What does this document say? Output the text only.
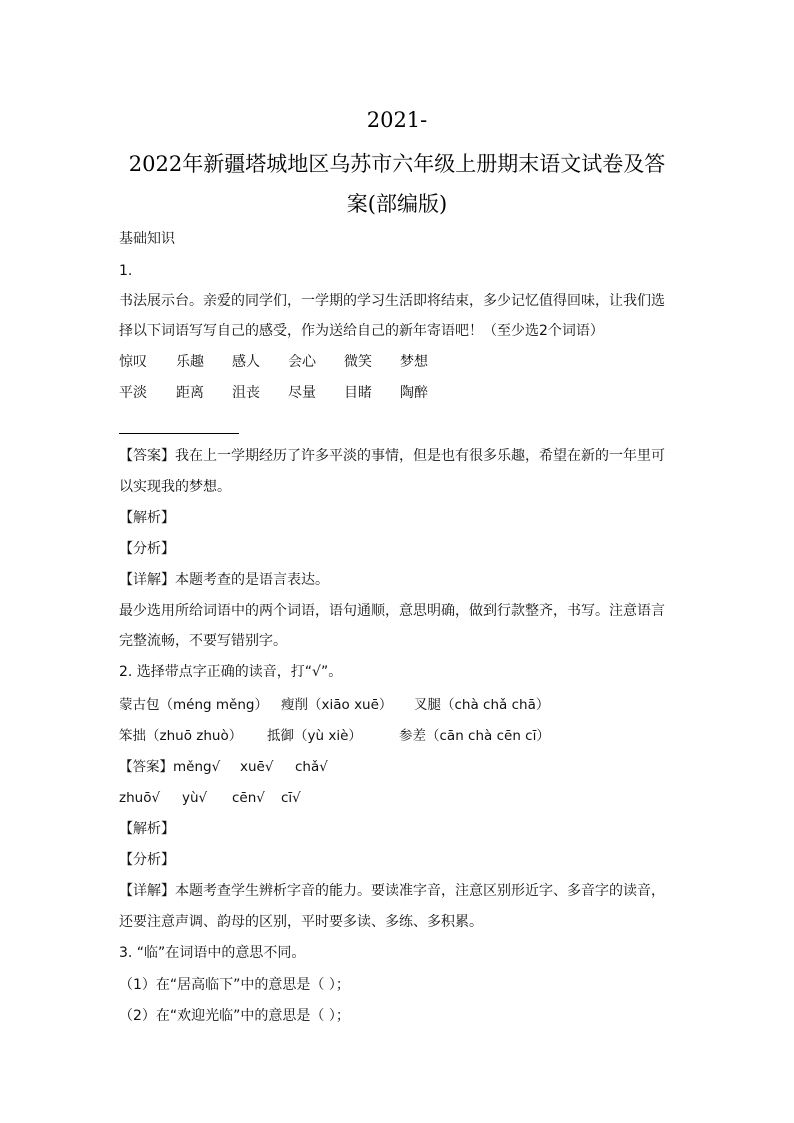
2021-
2022年新疆塔城地区乌苏市六年级上册期末语文试卷及答
案(部编版)
基础知识
1.
书法展示台。亲爱的同学们，一学期的学习生活即将结束，多少记忆值得回味，让我们选
择以下词语写写自己的感受，作为送给自己的新年寄语吧！（至少选2个词语）
惊叹 乐趣 感人 会心 微笑 梦想
平淡 距离 沮丧 尽量 目睹 陶醉
【答案】我在上一学期经历了许多平淡的事情，但是也有很多乐趣，希望在新的一年里可
以实现我的梦想。
【解析】
【分析】
【详解】本题考查的是语言表达。
最少选用所给词语中的两个词语，语句通顺，意思明确，做到行款整齐，书写。注意语言
完整流畅，不要写错别字。
2. 选择带点字正确的读音，打“√”。
蒙古包（méng měng） 瘦削（xiāo xuē） 叉腿（chà chǎ chā）
笨拙（zhuō zhuò） 抵御（yù xiè）	参差（cān chà cēn cī）
【答案】měng√ xuē√ chǎ√
zhuō√ yù√ cēn√ cī√
【解析】
【分析】
【详解】本题考查学生辨析字音的能力。要读准字音，注意区别形近字、多音字的读音，
还要注意声调、韵母的区别，平时要多读、多练、多积累。
3. “临”在词语中的意思不同。
（1）在“居高临下”中的意思是（ ）；
（2）在“欢迎光临”中的意思是（ ）；
